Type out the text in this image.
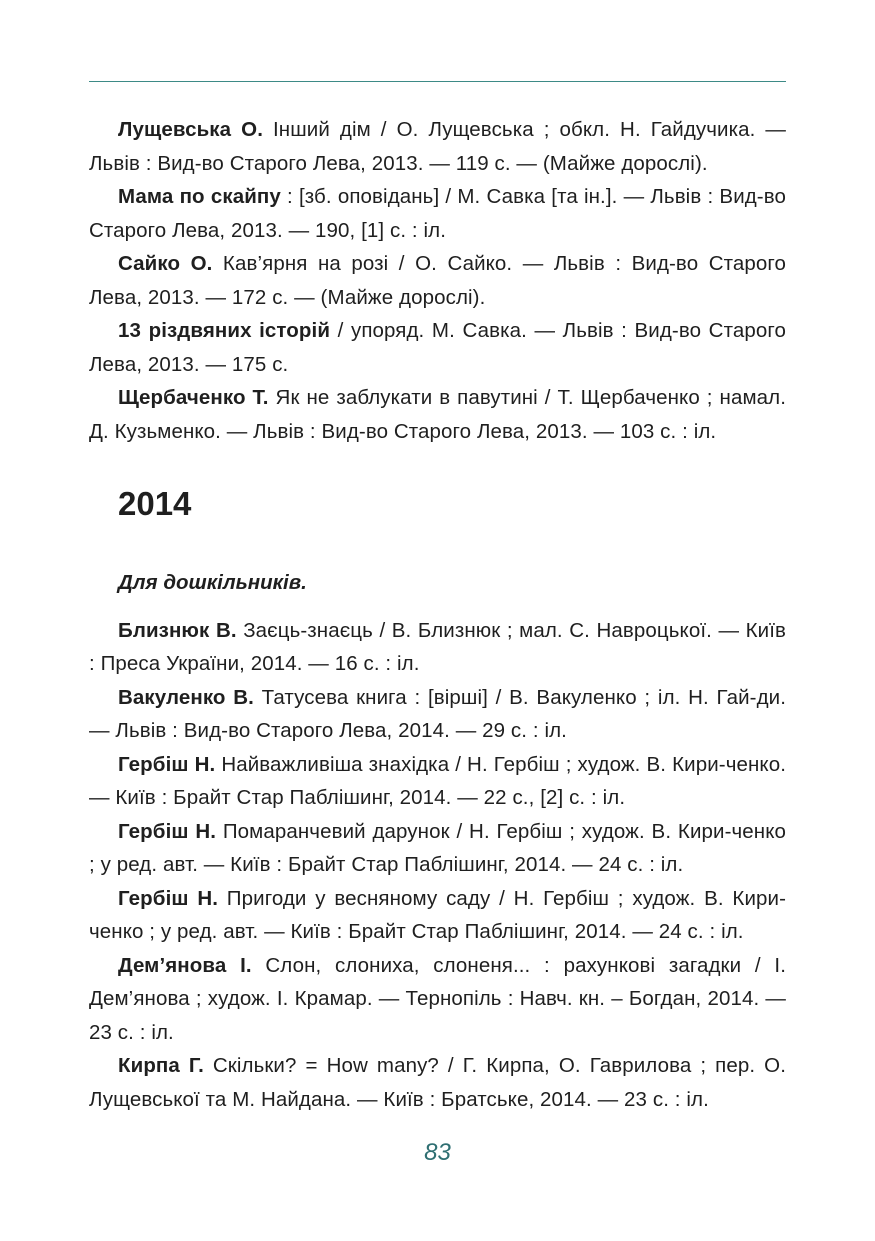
Лущевська О. Інший дім / О. Лущевська ; обкл. Н. Гайдучика. — Львів : Вид-во Старого Лева, 2013. — 119 с. — (Майже дорослі).

Мама по скайпу : [зб. оповідань] / М. Савка [та ін.]. — Львів : Вид-во Старого Лева, 2013. — 190, [1] с. : іл.

Сайко О. Кав’ярня на розі / О. Сайко. — Львів : Вид-во Старого Лева, 2013. — 172 с. — (Майже дорослі).

13 різдвяних історій / упоряд. М. Савка. — Львів : Вид-во Старого Лева, 2013. — 175 с.

Щербаченко Т. Як не заблукати в павутині / Т. Щербаченко ; намал. Д. Кузьменко. — Львів : Вид-во Старого Лева, 2013. — 103 с. : іл.

2014
Для дошкільників.

Близнюк В. Заєць-знаєць / В. Близнюк ; мал. С. Навроцької. — Київ : Преса України, 2014. — 16 с. : іл.

Вакуленко В. Татусева книга : [вірші] / В. Вакуленко ; іл. Н. Гай-ди. — Львів : Вид-во Старого Лева, 2014. — 29 с. : іл.

Гербіш Н. Найважливіша знахідка / Н. Гербіш ; худож. В. Кири-ченко. — Київ : Брайт Стар Паблішинг, 2014. — 22 с., [2] с. : іл.

Гербіш Н. Помаранчевий дарунок / Н. Гербіш ; худож. В. Кири-ченко ; у ред. авт. — Київ : Брайт Стар Паблішинг, 2014. — 24 с. : іл.

Гербіш Н. Пригоди у весняному саду / Н. Гербіш ; худож. В. Кири-ченко ; у ред. авт. — Київ : Брайт Стар Паблішинг, 2014. — 24 с. : іл.

Дем’янова І. Слон, слониха, слоненя... : рахункові загадки / І. Дем’янова ; худож. І. Крамар. — Тернопіль : Навч. кн. – Богдан, 2014. — 23 с. : іл.

Кирпа Г. Скільки? = How many? / Г. Кирпа, О. Гаврилова ; пер. О. Лущевської та М. Найдана. — Київ : Братське, 2014. — 23 с. : іл.

83
